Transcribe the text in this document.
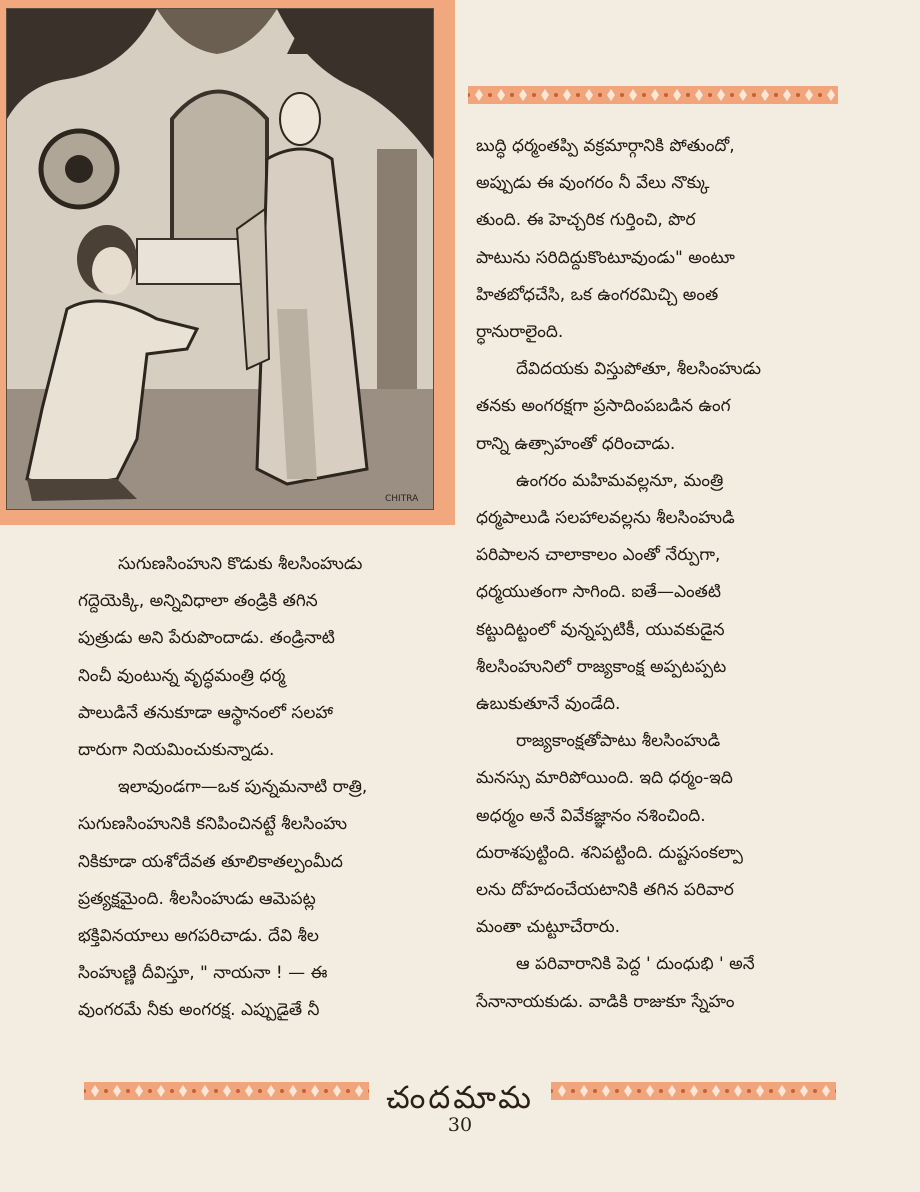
CHITRA
బుద్ధి ధర్మంతప్పి వక్రమార్గానికి పోతుందో,
అప్పుడు ఈ వుంగరం నీ వేలు నొక్కు
తుంది. ఈ హెచ్చరిక గుర్తించి, పొర
పాటును సరిదిద్దుకొంటూవుండు" అంటూ
హితబోధచేసి, ఒక ఉంగరమిచ్చి అంత
ర్ధానురాలైంది.
దేవిదయకు విస్తుపోతూ, శీలసింహుడు
తనకు అంగరక్షగా ప్రసాదింపబడిన ఉంగ
రాన్ని ఉత్సాహంతో ధరించాడు.
ఉంగరం మహిమవల్లనూ, మంత్రి
ధర్మపాలుడి సలహాలవల్లను శీలసింహుడి
పరిపాలన చాలాకాలం ఎంతో నేర్పుగా,
ధర్మయుతంగా సాగింది. ఐతే—ఎంతటి
కట్టుదిట్టంలో వున్నప్పటికీ, యువకుడైన
శీలసింహునిలో రాజ్యకాంక్ష అప్పటప్పట
ఉబుకుతూనే వుండేది.
రాజ్యకాంక్షతోపాటు శీలసింహుడి
మనస్సు మారిపోయింది. ఇది ధర్మం-ఇది
అధర్మం అనే వివేకజ్ఞానం నశించింది.
దురాశపుట్టింది. శనిపట్టింది. దుష్టసంకల్పా
లను దోహదంచేయటానికి తగిన పరివార
మంతా చుట్టూచేరారు.
ఆ పరివారానికి పెద్ద ' దుంధుభి ' అనే
సేనానాయకుడు. వాడికి రాజుకూ స్నేహం
సుగుణసింహుని కొడుకు శీలసింహుడు
గద్దెయెక్కి, అన్నివిధాలా తండ్రికి తగిన
పుత్రుడు అని పేరుపొందాడు. తండ్రినాటి
నించీ వుంటున్న వృద్ధమంత్రి ధర్మ
పాలుడినే తనుకూడా ఆస్థానంలో సలహా
దారుగా నియమించుకున్నాడు.
ఇలావుండగా—ఒక పున్నమనాటి రాత్రి,
సుగుణసింహునికి కనిపించినట్టే శీలసింహు
నికికూడా యశోదేవత తూలికాతల్పంమీద
ప్రత్యక్షమైంది. శీలసింహుడు ఆమెపట్ల
భక్తివినయాలు అగపరిచాడు. దేవి శీల
సింహుణ్ణి దీవిస్తూ, " నాయనా ! — ఈ
వుంగరమే నీకు అంగరక్ష. ఎప్పుడైతే నీ
చందమామ
30
